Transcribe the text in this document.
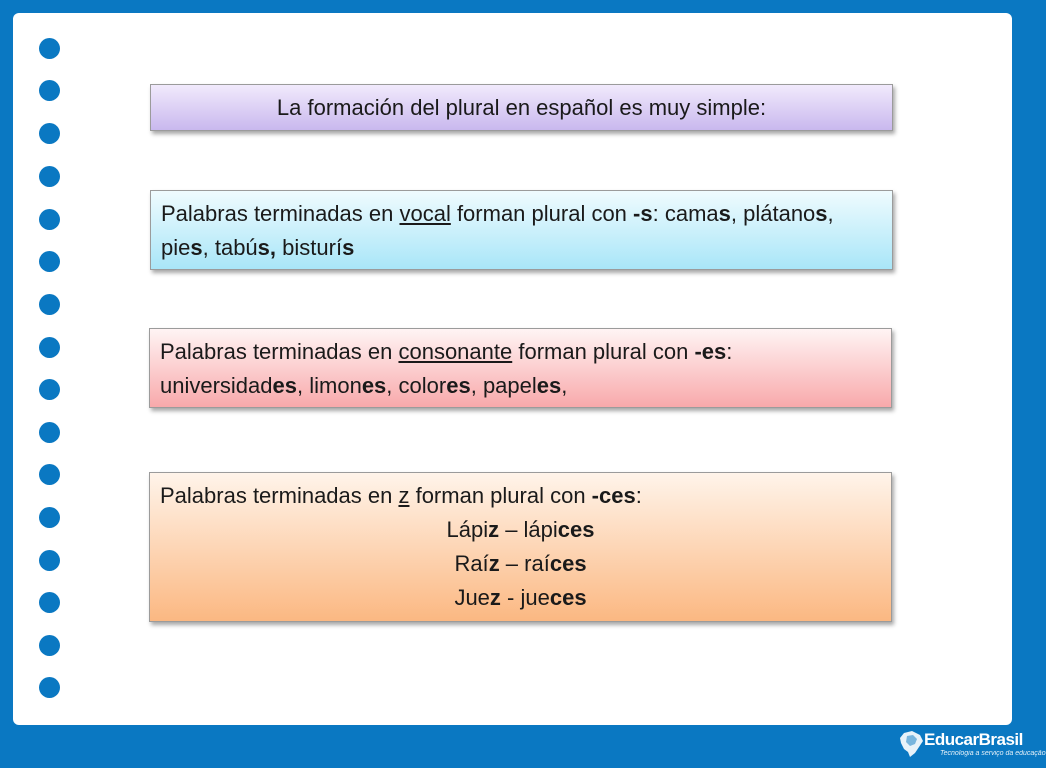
La formación del plural en español es muy simple:
Palabras terminadas en vocal forman plural con -s: camas, plátanos, pies, tabús, bisturís
Palabras terminadas en consonante forman plural con -es:
universidades, limones, colores, papeles,
Palabras terminadas en z forman plural con -ces:
Lápiz – lápices
Raíz – raíces
Juez - jueces
EducarBrasil
Tecnologia a serviço da educação
